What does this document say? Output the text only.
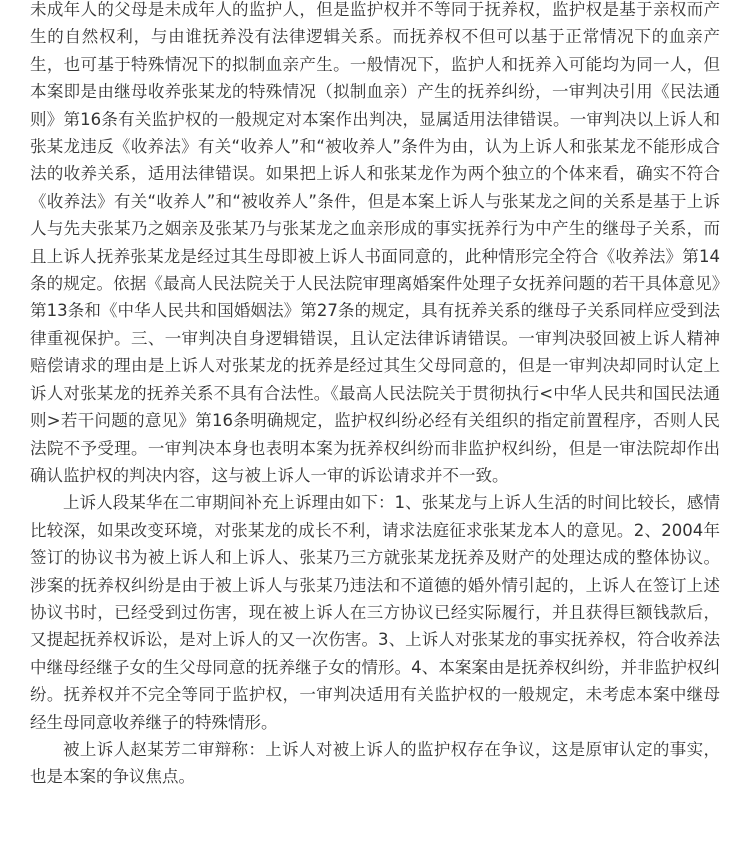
未成年人的父母是未成年人的监护人，但是监护权并不等同于抚养权，监护权是基于亲权而产生的自然权利，与由谁抚养没有法律逻辑关系。而抚养权不但可以基于正常情况下的血亲产生，也可基于特殊情况下的拟制血亲产生。一般情况下，监护人和抚养入可能均为同一人，但本案即是由继母收养张某龙的特殊情况（拟制血亲）产生的抚养纠纷，一审判决引用《民法通则》第16条有关监护权的一般规定对本案作出判决，显属适用法律错误。一审判决以上诉人和张某龙违反《收养法》有关“收养人”和“被收养人”条件为由，认为上诉人和张某龙不能形成合法的收养关系，适用法律错误。如果把上诉人和张某龙作为两个独立的个体来看，确实不符合《收养法》有关“收养人”和“被收养人”条件，但是本案上诉人与张某龙之间的关系是基于上诉人与先夫张某乃之姻亲及张某乃与张某龙之血亲形成的事实抚养行为中产生的继母子关系，而且上诉人抚养张某龙是经过其生母即被上诉人书面同意的，此种情形完全符合《收养法》第14条的规定。依据《最高人民法院关于人民法院审理离婚案件处理子女抚养问题的若干具体意见》第13条和《中华人民共和国婚姻法》第27条的规定，具有抚养关系的继母子关系同样应受到法律重视保护。三、一审判决自身逻辑错误，且认定法律诉请错误。一审判决驳回被上诉人精神赔偿请求的理由是上诉人对张某龙的抚养是经过其生父母同意的，但是一审判决却同时认定上诉人对张某龙的抚养关系不具有合法性。《最高人民法院关于贯彻执行<中华人民共和国民法通则>若干问题的意见》第16条明确规定，监护权纠纷必经有关组织的指定前置程序，否则人民法院不予受理。一审判决本身也表明本案为抚养权纠纷而非监护权纠纷，但是一审法院却作出确认监护权的判决内容，这与被上诉人一审的诉讼请求并不一致。

上诉人段某华在二审期间补充上诉理由如下：1、张某龙与上诉人生活的时间比较长，感情比较深，如果改变环境，对张某龙的成长不利，请求法庭征求张某龙本人的意见。2、2004年签订的协议书为被上诉人和上诉人、张某乃三方就张某龙抚养及财产的处理达成的整体协议。涉案的抚养权纠纷是由于被上诉人与张某乃违法和不道德的婚外情引起的，上诉人在签订上述协议书时，已经受到过伤害，现在被上诉人在三方协议已经实际履行，并且获得巨额钱款后，又提起抚养权诉讼，是对上诉人的又一次伤害。3、上诉人对张某龙的事实抚养权，符合收养法中继母经继子女的生父母同意的抚养继子女的情形。4、本案案由是抚养权纠纷，并非监护权纠纷。抚养权并不完全等同于监护权，一审判决适用有关监护权的一般规定，未考虑本案中继母经生母同意收养继子的特殊情形。

被上诉人赵某芳二审辩称：上诉人对被上诉人的监护权存在争议，这是原审认定的事实，也是本案的争议焦点。
